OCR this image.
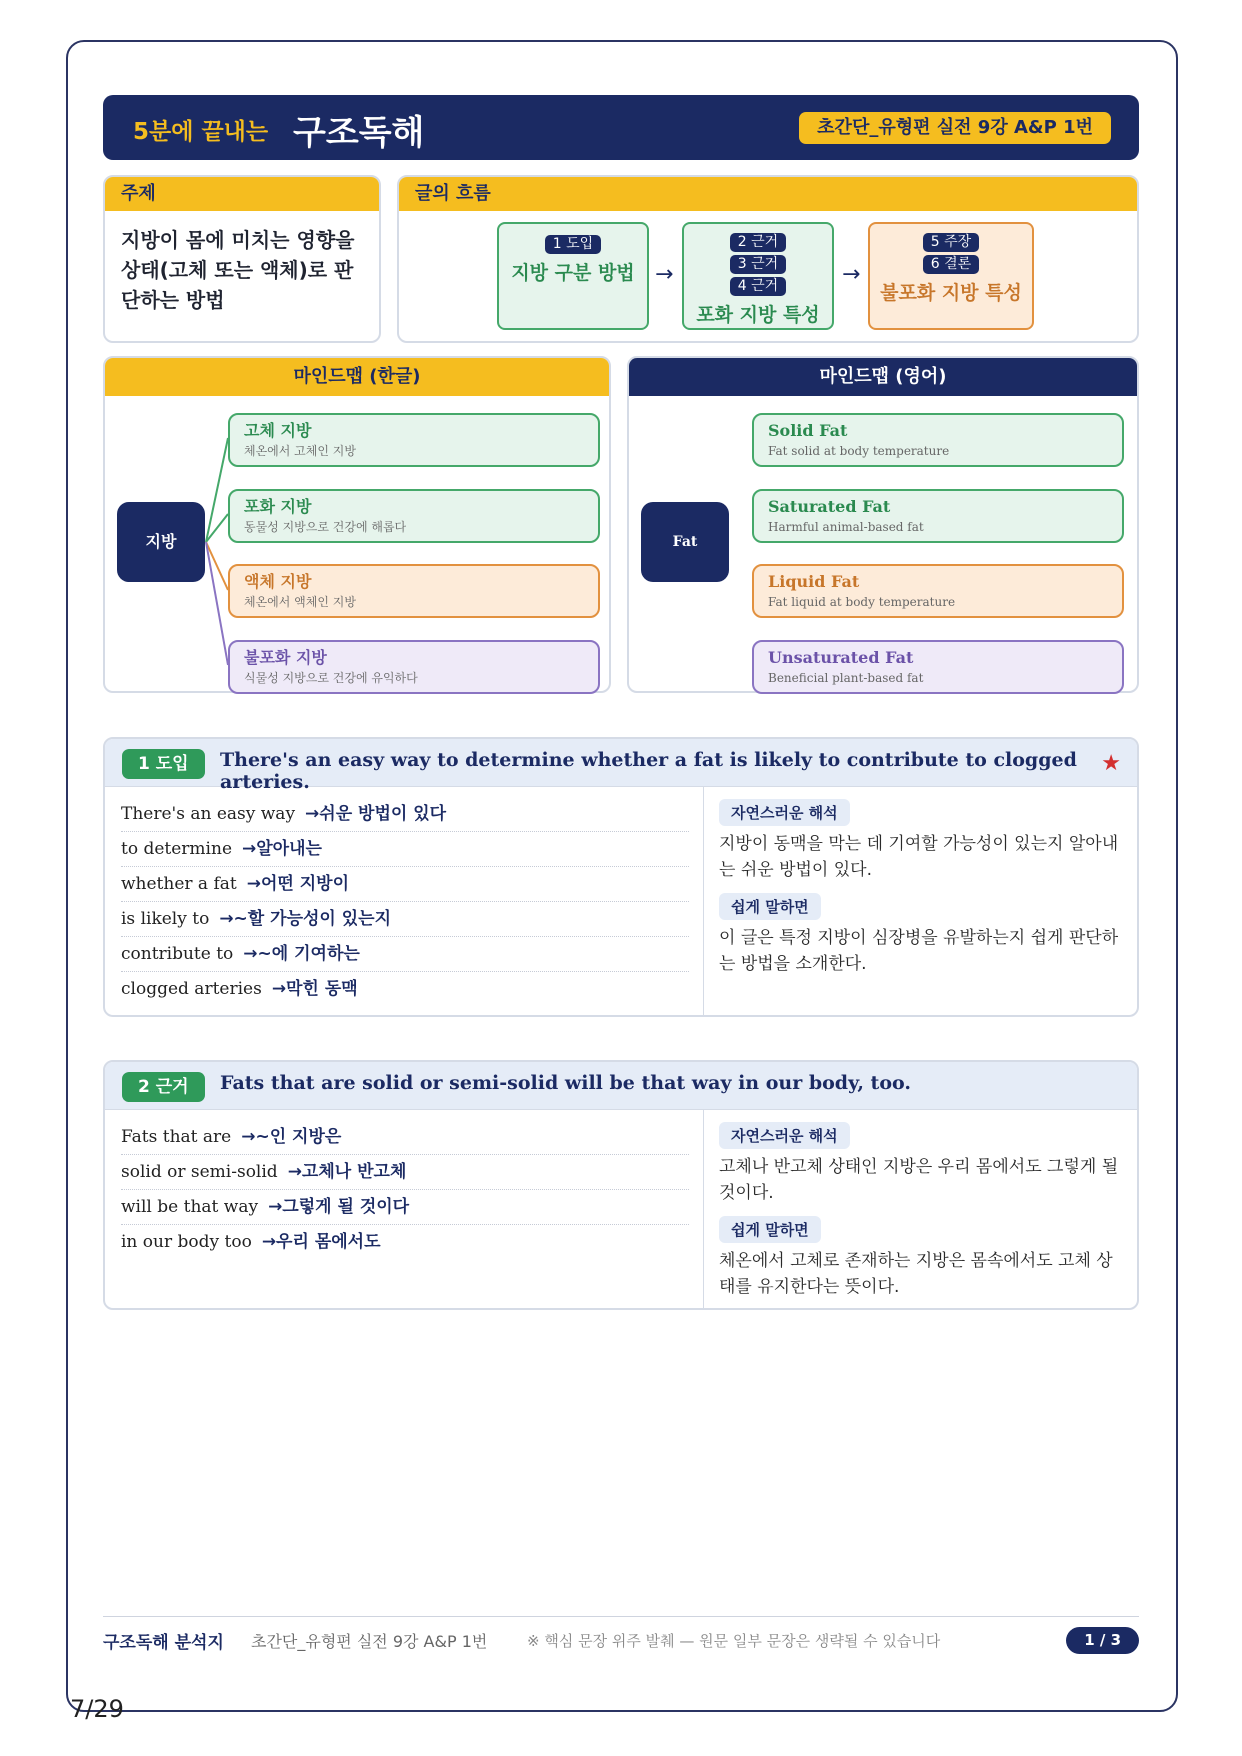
5분에 끝내는 구조독해	초간단_유형편 실전 9강 A&P 1번
주제
지방이 몸에 미치는 영향을 상태(고체 또는 액체)로 판단하는 방법
글의 흐름
1 도입
지방 구분 방법 →
2 근거
3 근거
4 근거
포화 지방 특성
→
5 주장
6 결론
불포화 지방 특성
마인드맵 (한글)
지방
고체 지방
체온에서 고체인 지방
포화 지방
동물성 지방으로 건강에 해롭다
액체 지방
체온에서 액체인 지방
불포화 지방
식물성 지방으로 건강에 유익하다
마인드맵 (영어)
Fat
Solid Fat
Fat solid at body temperature
Saturated Fat
Harmful animal-based fat
Liquid Fat
Fat liquid at body temperature
Unsaturated Fat
Beneficial plant-based fat
1 도입	There's an easy way to determine whether a fat is likely to contribute to clogged arteries.
★
There's an easy way →쉬운 방법이 있다
to determine →알아내는
whether a fat →어떤 지방이
is likely to →~할 가능성이 있는지
contribute to →~에 기여하는
clogged arteries →막힌 동맥
자연스러운 해석
지방이 동맥을 막는 데 기여할 가능성이 있는지 알아내는 쉬운 방법이 있다.
쉽게 말하면
이 글은 특정 지방이 심장병을 유발하는지 쉽게 판단하는 방법을 소개한다.
2 근거	Fats that are solid or semi-solid will be that way in our body, too.
Fats that are →~인 지방은
solid or semi-solid →고체나 반고체
will be that way →그렇게 될 것이다
in our body too →우리 몸에서도
자연스러운 해석
고체나 반고체 상태인 지방은 우리 몸에서도 그렇게 될 것이다.
쉽게 말하면
체온에서 고체로 존재하는 지방은 몸속에서도 고체 상태를 유지한다는 뜻이다.
구조독해 분석지 초간단_유형편 실전 9강 A&P 1번	※ 핵심 문장 위주 발췌 — 원문 일부 문장은 생략될 수 있습니다	1 / 3
7/29
